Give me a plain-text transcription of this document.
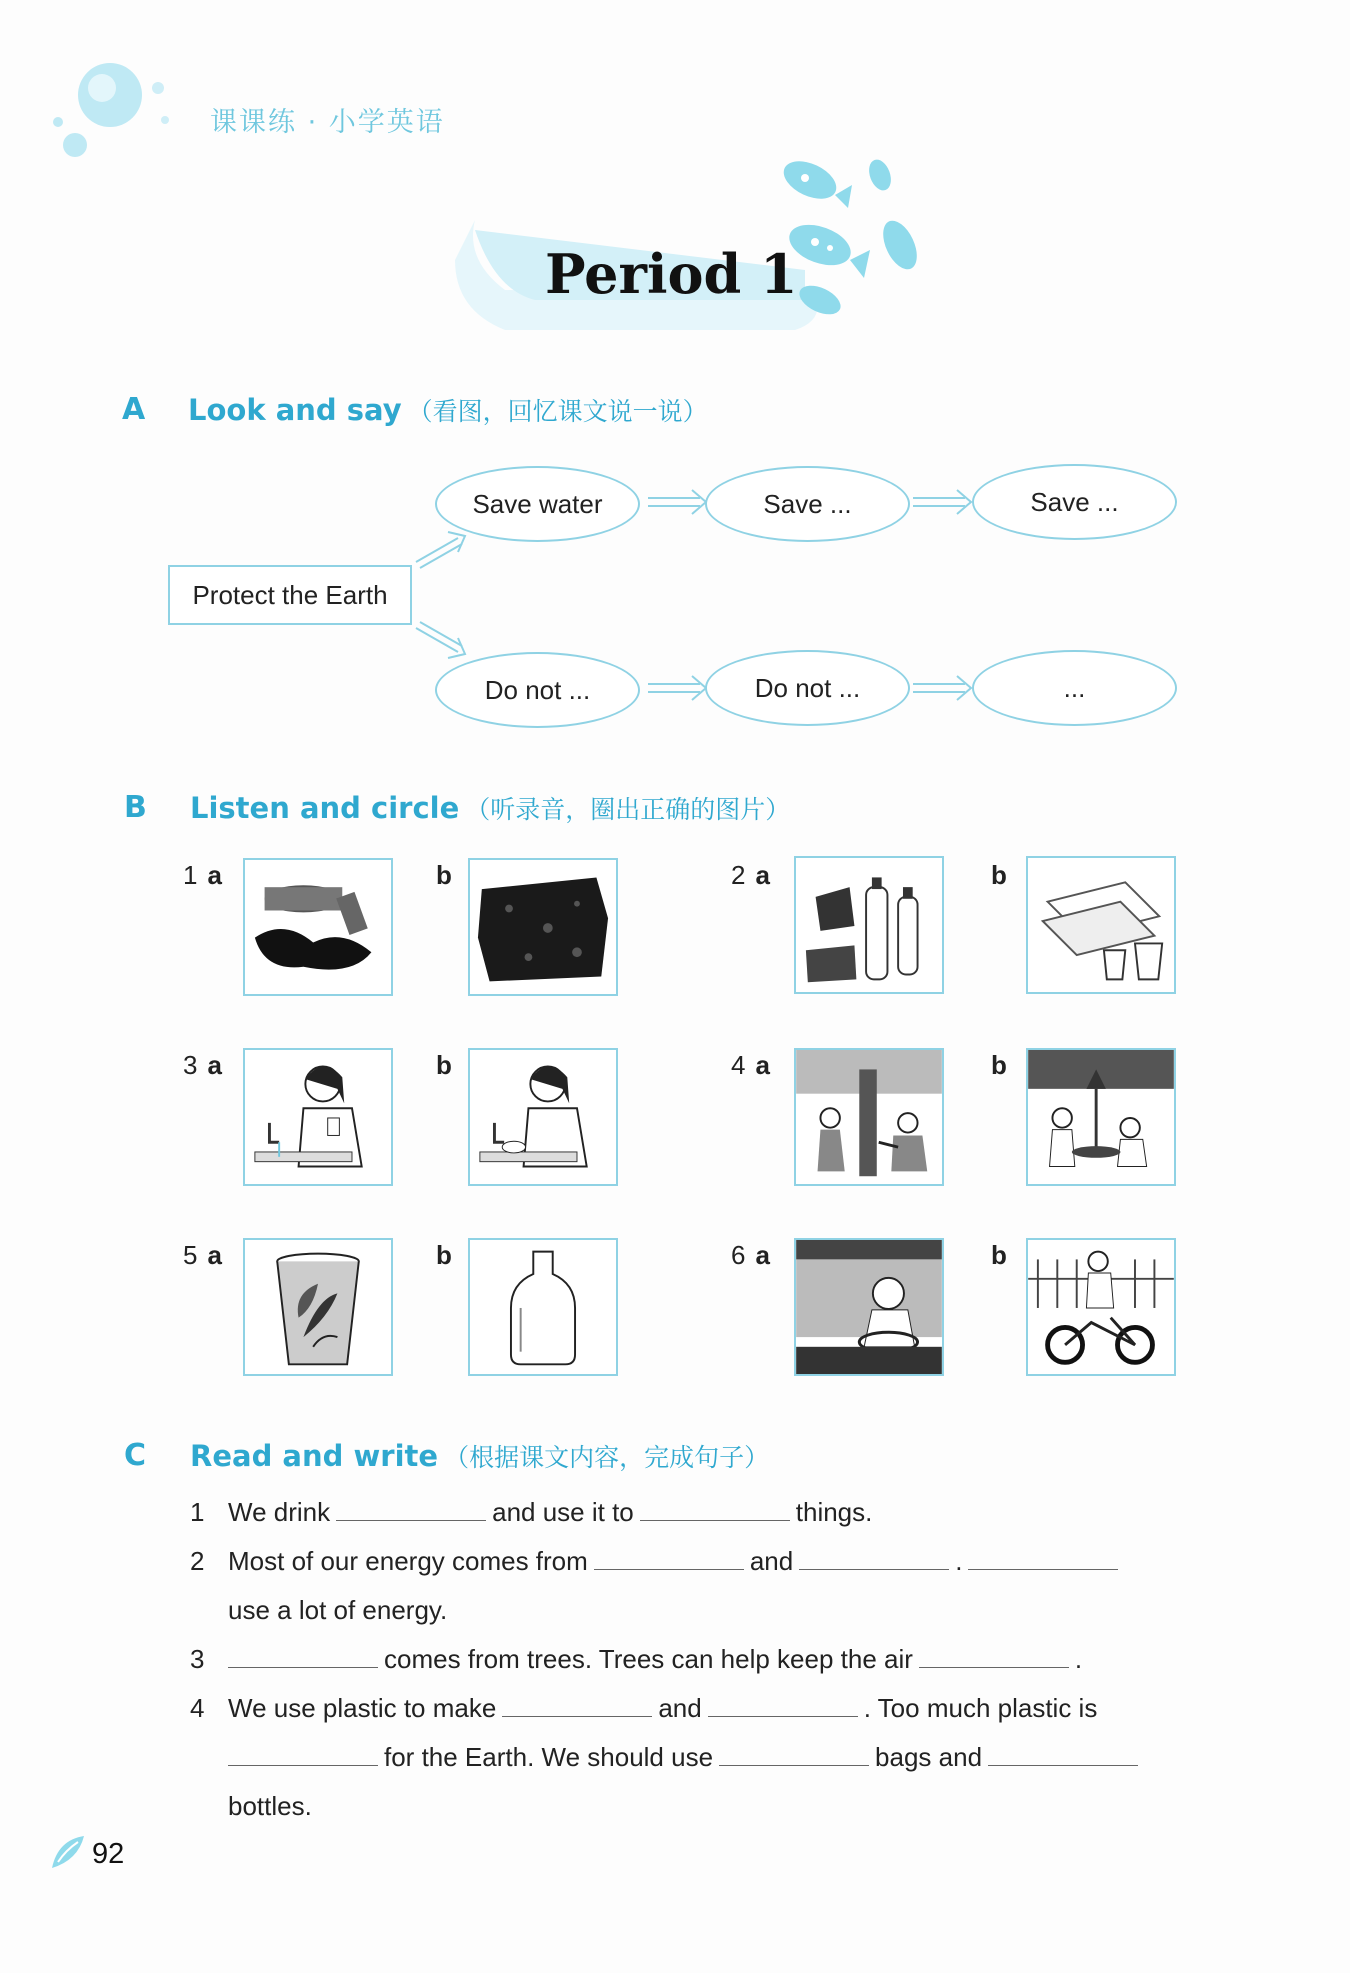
课课练 · 小学英语
Period 1
A Look and say （看图，回忆课文说一说）
Protect the Earth
Save water	Save ...	Save ...
Do not ...	Do not ...	...
B Listen and circle （听录音，圈出正确的图片）
1 a	b	2 a	b
3 a	b	4 a	b
5 a	b	6 a	b
C Read and write （根据课文内容，完成句子）
1 We drink	and use it to	things.
2 Most of our energy comes from	and	.
use a lot of energy.
3	comes from trees. Trees can help keep the air	.
4 We use plastic to make	and	. Too much plastic is
for the Earth. We should use	bags and
bottles.
92
